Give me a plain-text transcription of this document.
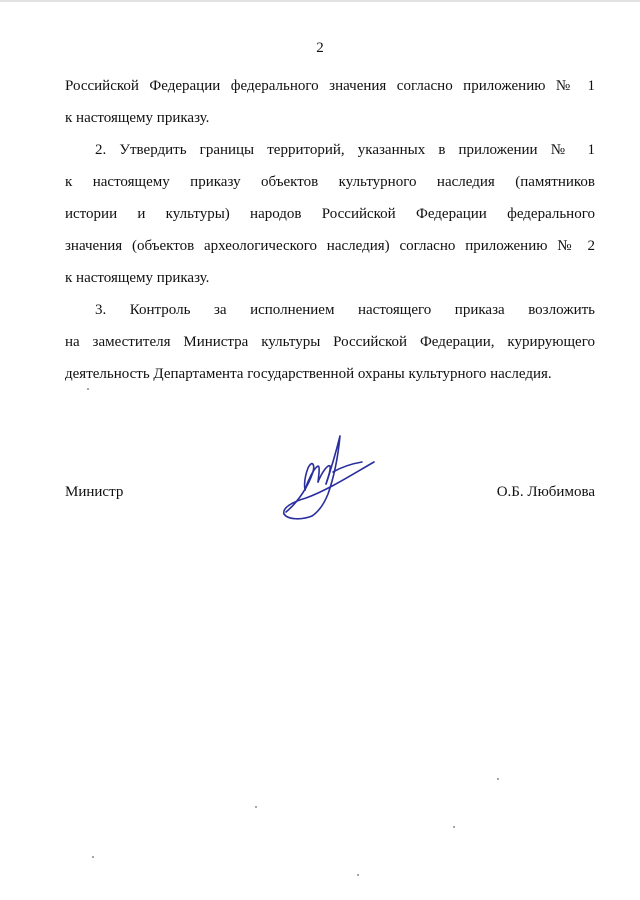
2
Российской Федерации федерального значения согласно приложению № 1
к настоящему приказу.
2. Утвердить границы территорий, указанных в приложении № 1
к настоящему приказу объектов культурного наследия (памятников
истории и культуры) народов Российской Федерации федерального
значения (объектов археологического наследия) согласно приложению № 2
к настоящему приказу.
3. Контроль за исполнением настоящего приказа возложить
на заместителя Министра культуры Российской Федерации, курирующего
деятельность Департамента государственной охраны культурного наследия.
Министр	О.Б. Любимова
